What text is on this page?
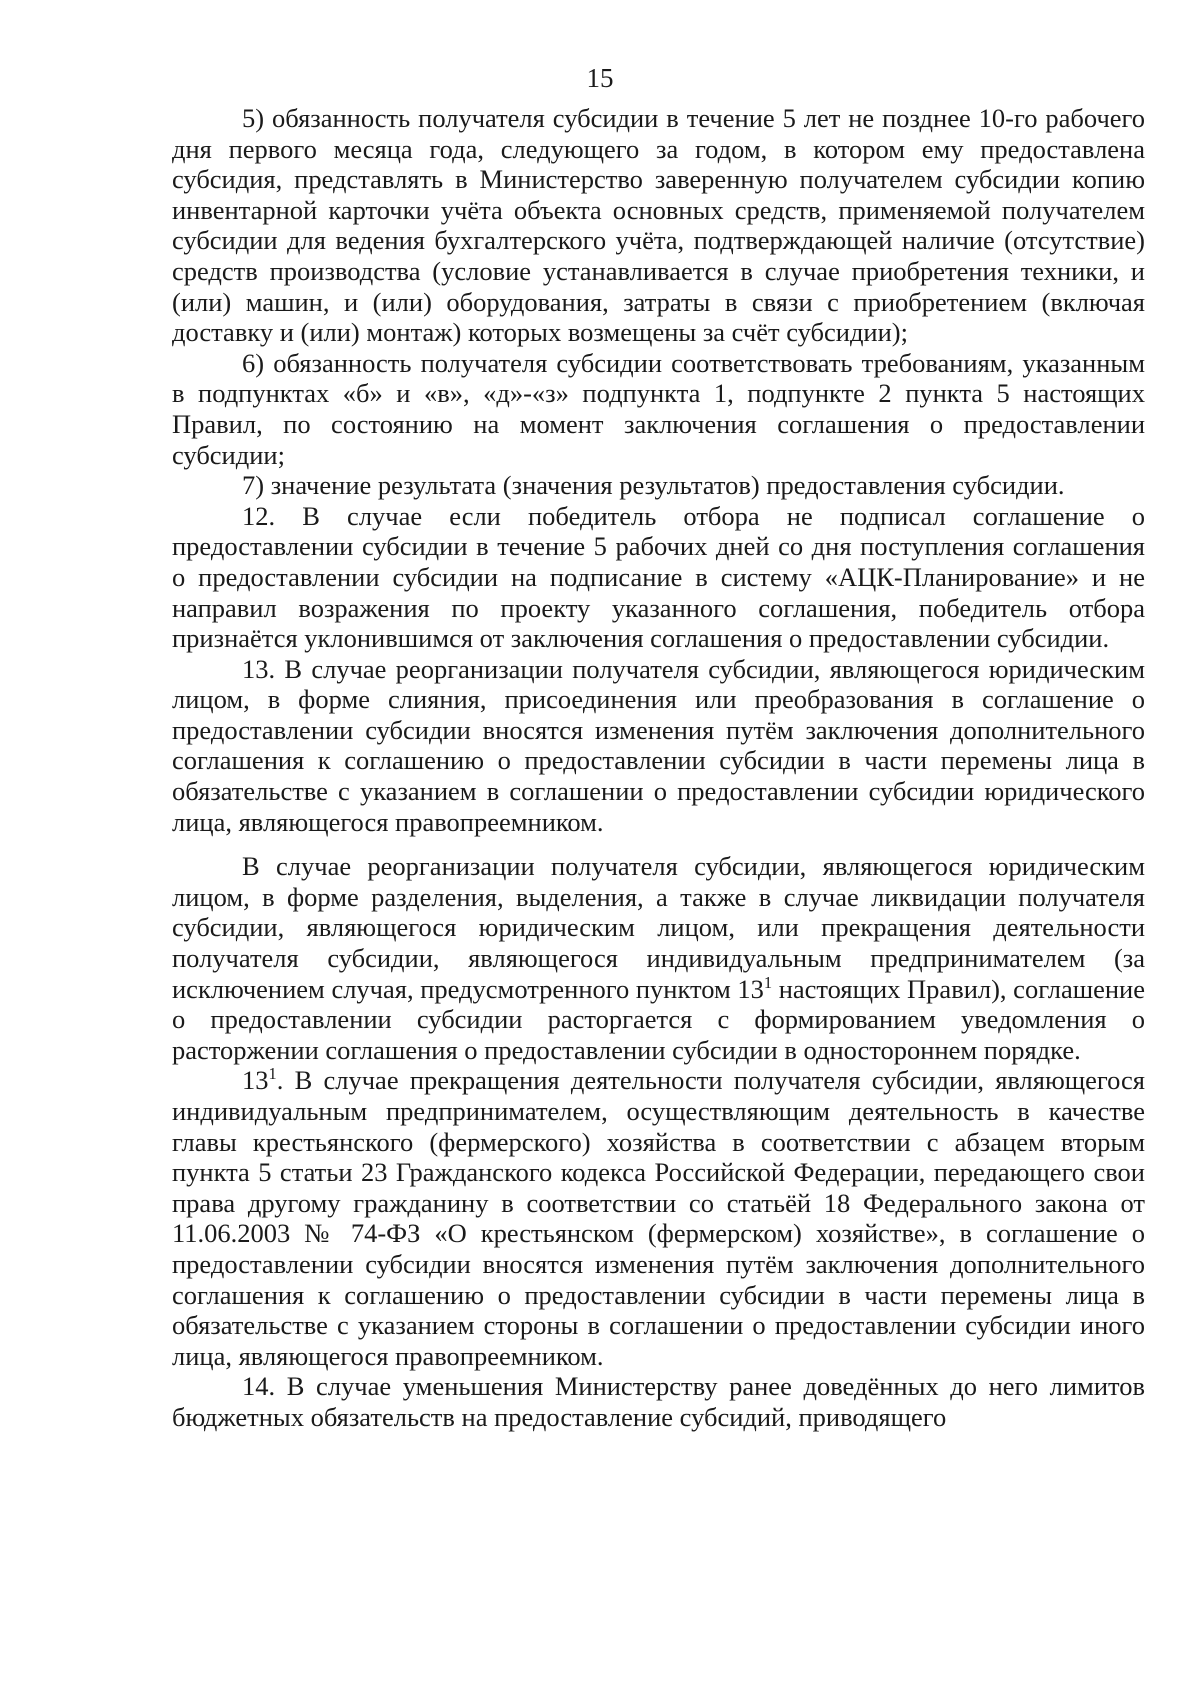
15

5) обязанность получателя субсидии в течение 5 лет не позднее 10-го рабочего дня первого месяца года, следующего за годом, в котором ему предоставлена субсидия, представлять в Министерство заверенную получателем субсидии копию инвентарной карточки учёта объекта основных средств, применяемой получателем субсидии для ведения бухгалтерского учёта, подтверждающей наличие (отсутствие) средств производства (условие устанавливается в случае приобретения техники, и (или) машин, и (или) оборудования, затраты в связи с приобретением (включая доставку и (или) монтаж) которых возмещены за счёт субсидии);

6) обязанность получателя субсидии соответствовать требованиям, указанным в подпунктах «б» и «в», «д»-«з» подпункта 1, подпункте 2 пункта 5 настоящих Правил, по состоянию на момент заключения соглашения о предоставлении субсидии;

7) значение результата (значения результатов) предоставления субсидии.

12. В случае если победитель отбора не подписал соглашение о предоставлении субсидии в течение 5 рабочих дней со дня поступления соглашения о предоставлении субсидии на подписание в систему «АЦК-Планирование» и не направил возражения по проекту указанного соглашения, победитель отбора признаётся уклонившимся от заключения соглашения о предоставлении субсидии.

13. В случае реорганизации получателя субсидии, являющегося юридическим лицом, в форме слияния, присоединения или преобразования в соглашение о предоставлении субсидии вносятся изменения путём заключения дополнительного соглашения к соглашению о предоставлении субсидии в части перемены лица в обязательстве с указанием в соглашении о предоставлении субсидии юридического лица, являющегося правопреемником.

В случае реорганизации получателя субсидии, являющегося юридическим лицом, в форме разделения, выделения, а также в случае ликвидации получателя субсидии, являющегося юридическим лицом, или прекращения деятельности получателя субсидии, являющегося индивидуальным предпринимателем (за исключением случая, предусмотренного пунктом $13^1$ настоящих Правил), соглашение о предоставлении субсидии расторгается с формированием уведомления о расторжении соглашения о предоставлении субсидии в одностороннем порядке.

$13^1$. В случае прекращения деятельности получателя субсидии, являющегося индивидуальным предпринимателем, осуществляющим деятельность в качестве главы крестьянского (фермерского) хозяйства в соответствии с абзацем вторым пункта 5 статьи 23 Гражданского кодекса Российской Федерации, передающего свои права другому гражданину в соответствии со статьёй 18 Федерального закона от 11.06.2003 № 74-ФЗ «О крестьянском (фермерском) хозяйстве», в соглашение о предоставлении субсидии вносятся изменения путём заключения дополнительного соглашения к соглашению о предоставлении субсидии в части перемены лица в обязательстве с указанием стороны в соглашении о предоставлении субсидии иного лица, являющегося правопреемником.

14. В случае уменьшения Министерству ранее доведённых до него лимитов бюджетных обязательств на предоставление субсидий, приводящего
